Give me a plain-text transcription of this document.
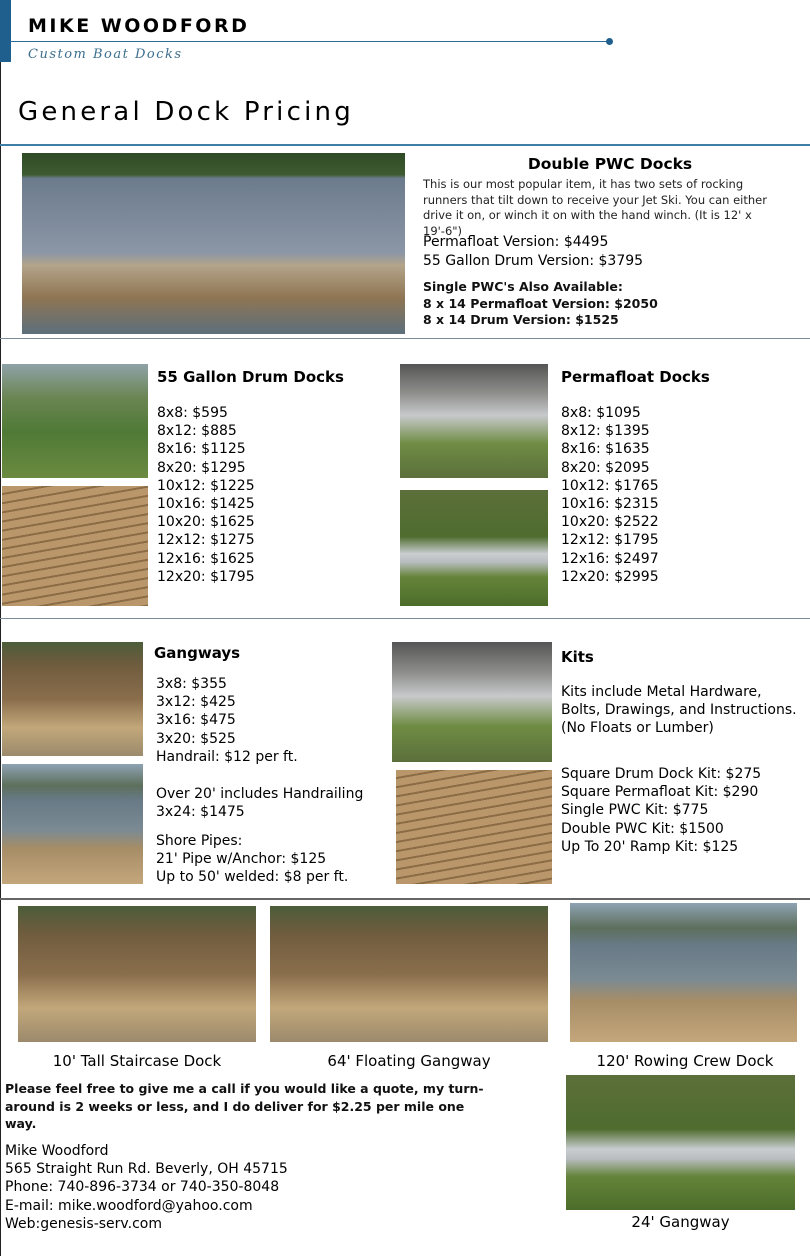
MIKE WOODFORD
Custom Boat Docks
General Dock Pricing
Double PWC Docks
This is our most popular item, it has two sets of rocking runners that tilt down to receive your Jet Ski. You can either drive it on, or winch it on with the hand winch. (It is 12' x 19'-6")
Permafloat Version: $4495
55 Gallon Drum Version: $3795
Single PWC's Also Available:
8 x 14 Permafloat Version: $2050
8 x 14 Drum Version: $1525
55 Gallon Drum Docks
8x8: $595
8x12: $885
8x16: $1125
8x20: $1295
10x12: $1225
10x16: $1425
10x20: $1625
12x12: $1275
12x16: $1625
12x20: $1795
Permafloat Docks
8x8: $1095
8x12: $1395
8x16: $1635
8x20: $2095
10x12: $1765
10x16: $2315
10x20: $2522
12x12: $1795
12x16: $2497
12x20: $2995
Gangways
3x8: $355
3x12: $425
3x16: $475
3x20: $525
Handrail: $12 per ft.
Over 20' includes Handrailing
3x24: $1475
Shore Pipes:
21' Pipe w/Anchor: $125
Up to 50' welded: $8 per ft.
Kits
Kits include Metal Hardware, Bolts, Drawings, and Instructions. (No Floats or Lumber)
Square Drum Dock Kit: $275
Square Permafloat Kit: $290
Single PWC Kit: $775
Double PWC Kit: $1500
Up To 20' Ramp Kit: $125
10' Tall Staircase Dock	64' Floating Gangway	120' Rowing Crew Dock
24' Gangway
Please feel free to give me a call if you would like a quote, my turn-around is 2 weeks or less, and I do deliver for $2.25 per mile one way.
Mike Woodford
565 Straight Run Rd. Beverly, OH 45715
Phone: 740-896-3734 or 740-350-8048
E-mail: mike.woodford@yahoo.com
Web:genesis-serv.com
